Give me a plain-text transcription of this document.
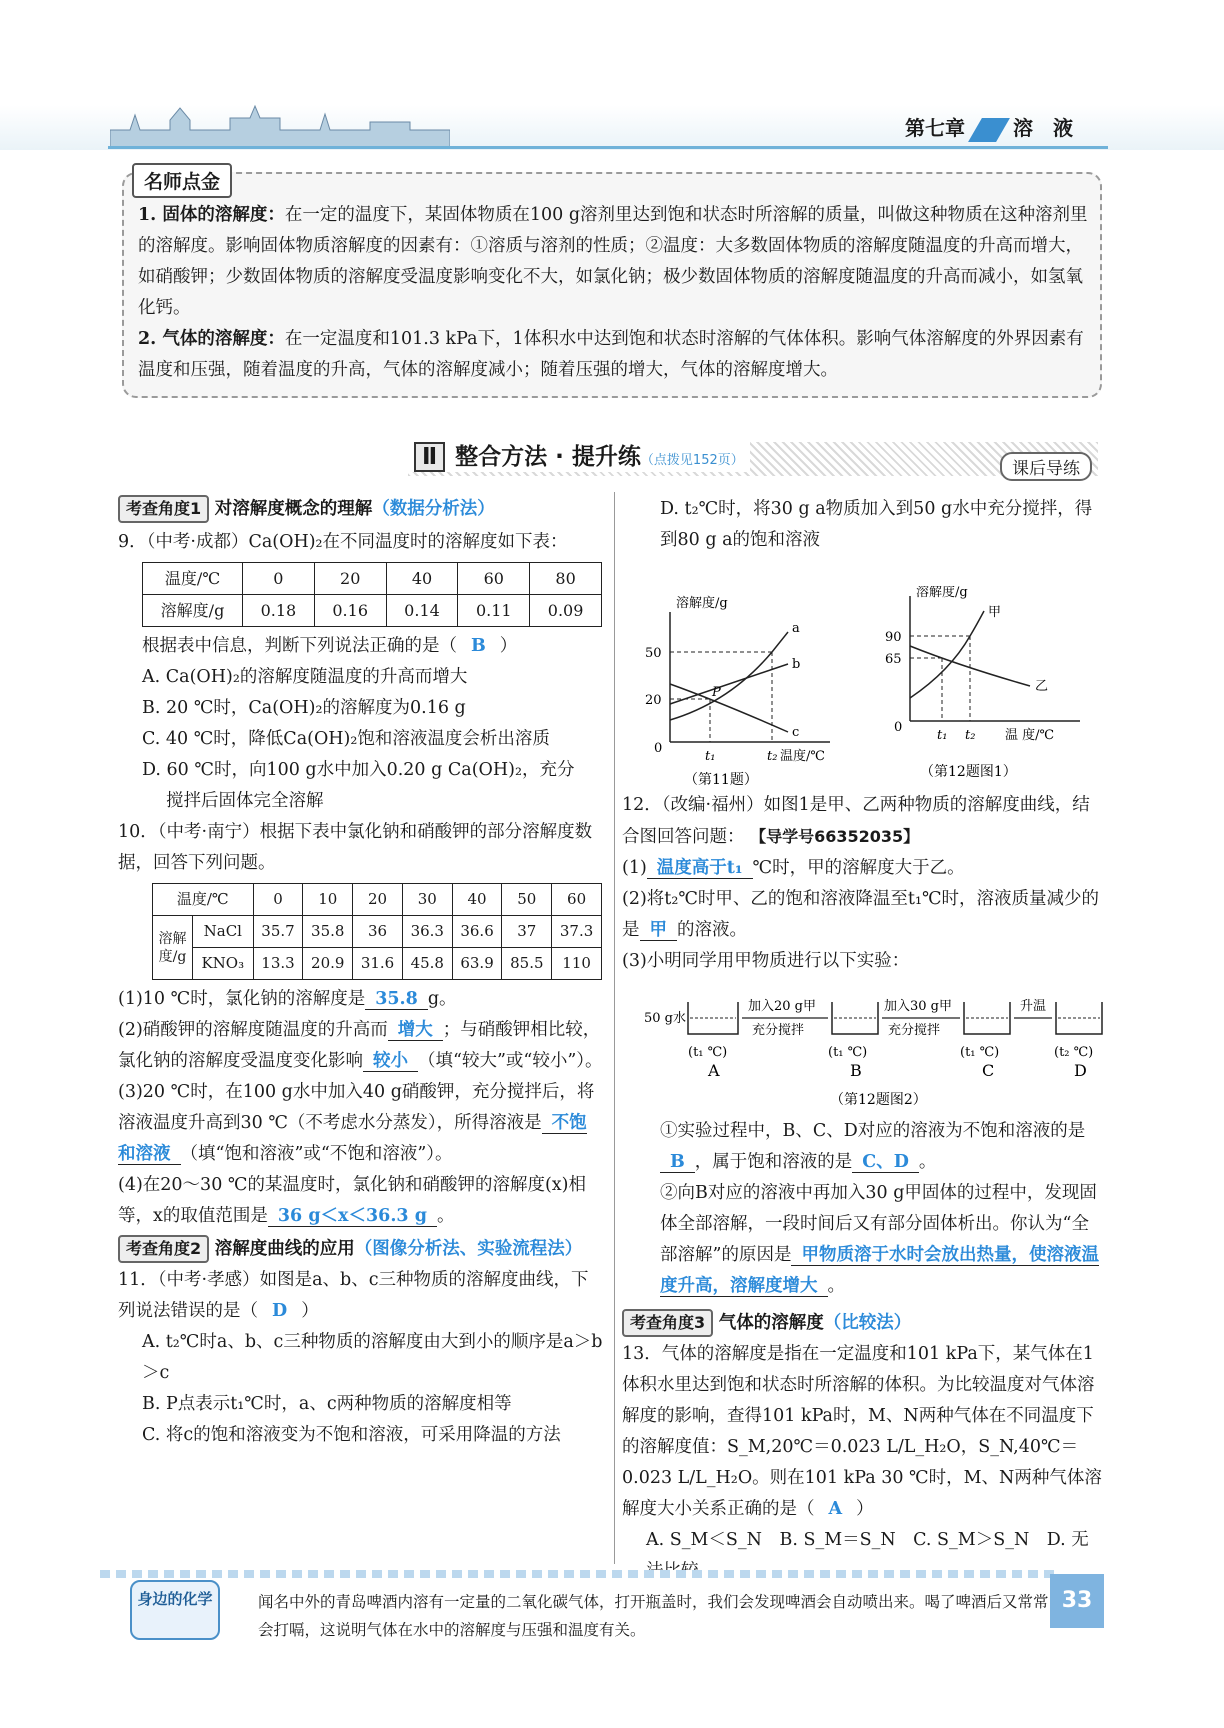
第七章 溶　液
名师点金

1. 固体的溶解度：在一定的温度下，某固体物质在100 g溶剂里达到饱和状态时所溶解的质量，叫做这种物质在这种溶剂里的溶解度。影响固体物质溶解度的因素有：①溶质与溶剂的性质；②温度：大多数固体物质的溶解度随温度的升高而增大，如硝酸钾；少数固体物质的溶解度受温度影响变化不大，如氯化钠；极少数固体物质的溶解度随温度的升高而减小，如氢氧化钙。

2. 气体的溶解度：在一定温度和101.3 kPa下，1体积水中达到饱和状态时溶解的气体体积。影响气体溶解度的外界因素有温度和压强，随着温度的升高，气体的溶解度减小；随着压强的增大，气体的溶解度增大。

Ⅱ 整合方法 · 提升练（点拨见152页）	课后导练
考查角度1 对溶解度概念的理解（数据分析法）
9．（中考·成都）Ca(OH)₂在不同温度时的溶解度如下表：
温度/℃	0	20	40	60	80
溶解度/g	0.18	0.16	0.14	0.11	0.09
根据表中信息，判断下列说法正确的是（ B ）
A. Ca(OH)₂的溶解度随温度的升高而增大
B. 20 ℃时，Ca(OH)₂的溶解度为0.16 g
C. 40 ℃时，降低Ca(OH)₂饱和溶液温度会析出溶质
D. 60 ℃时，向100 g水中加入0.20 g Ca(OH)₂，充分
搅拌后固体完全溶解
10．（中考·南宁）根据下表中氯化钠和硝酸钾的部分溶解度数据，回答下列问题。
温度/℃		0	10	20	30	40	50	60
溶解度/g	NaCl	35.7	35.8	36	36.3	36.6	37	37.3
	KNO₃	13.3	20.9	31.6	45.8	63.9	85.5	110
(1)10 ℃时，氯化钠的溶解度是 35.8 g。
(2)硝酸钾的溶解度随温度的升高而 增大 ；与硝酸钾相比较，氯化钠的溶解度受温度变化影响 较小 （填“较大”或“较小”）。
(3)20 ℃时，在100 g水中加入40 g硝酸钾，充分搅拌后，将溶液温度升高到30 ℃（不考虑水分蒸发），所得溶液是 不饱和溶液 （填“饱和溶液”或“不饱和溶液”）。
(4)在20～30 ℃的某温度时，氯化钠和硝酸钾的溶解度(x)相等，x的取值范围是 36 g＜x＜36.3 g 。
考查角度2 溶解度曲线的应用（图像分析法、实验流程法）
11．（中考·孝感）如图是a、b、c三种物质的溶解度曲线，下列说法错误的是（ D ）
A. t₂℃时a、b、c三种物质的溶解度由大到小的顺序是a＞b＞c
B. P点表示t₁℃时，a、c两种物质的溶解度相等
C. 将c的饱和溶液变为不饱和溶液，可采用降温的方法
D. t₂℃时，将30 g a物质加入到50 g水中充分搅拌，得到80 g a的饱和溶液
溶解度/g
50
20
0
t₁	t₂ 温度/℃
a
b
c
P
（第11题）
溶解度/g
90
65
0
t₁ t₂ 温 度/℃
甲
乙
（第12题图1）
12．（改编·福州）如图1是甲、乙两种物质的溶解度曲线，结合图回答问题： 【导学号66352035】
(1) 温度高于t₁ ℃时，甲的溶解度大于乙。
(2)将t₂℃时甲、乙的饱和溶液降温至t₁℃时，溶液质量减少的是 甲 的溶液。
(3)小明同学用甲物质进行以下实验：
50 g水
加入20 g甲
充分搅拌
加入30 g甲
充分搅拌
升温
(t₁ ℃)	(t₁ ℃)	(t₁ ℃)	(t₂ ℃)
A	B	C	D
（第12题图2）
①实验过程中，B、C、D对应的溶液为不饱和溶液的是B ，属于饱和溶液的是 C、D 。
②向B对应的溶液中再加入30 g甲固体的过程中，发现固体全部溶解，一段时间后又有部分固体析出。你认为“全部溶解”的原因是 甲物质溶于水时会放出热量，使溶液温度升高，溶解度增大 。
考查角度3 气体的溶解度（比较法）
13．气体的溶解度是指在一定温度和101 kPa下，某气体在1体积水里达到饱和状态时所溶解的体积。为比较温度对气体溶解度的影响，查得101 kPa时，M、N两种气体在不同温度下的溶解度值：S_M,20℃＝0.023 L/L_H₂O，S_N,40℃＝0.023 L/L_H₂O。则在101 kPa 30 ℃时，M、N两种气体溶解度大小关系正确的是（ A ）
A. S_M＜S_N　B. S_M＝S_N　C. S_M＞S_N　D. 无
身边的化学	闻名中外的青岛啤酒内溶有一定量的二氧化碳气体，打开瓶盖时，我们会发现啤酒会自动喷出来。喝了啤酒后又常常会打嗝，这说明气体在水中的溶解度与压强和温度有关。
33
